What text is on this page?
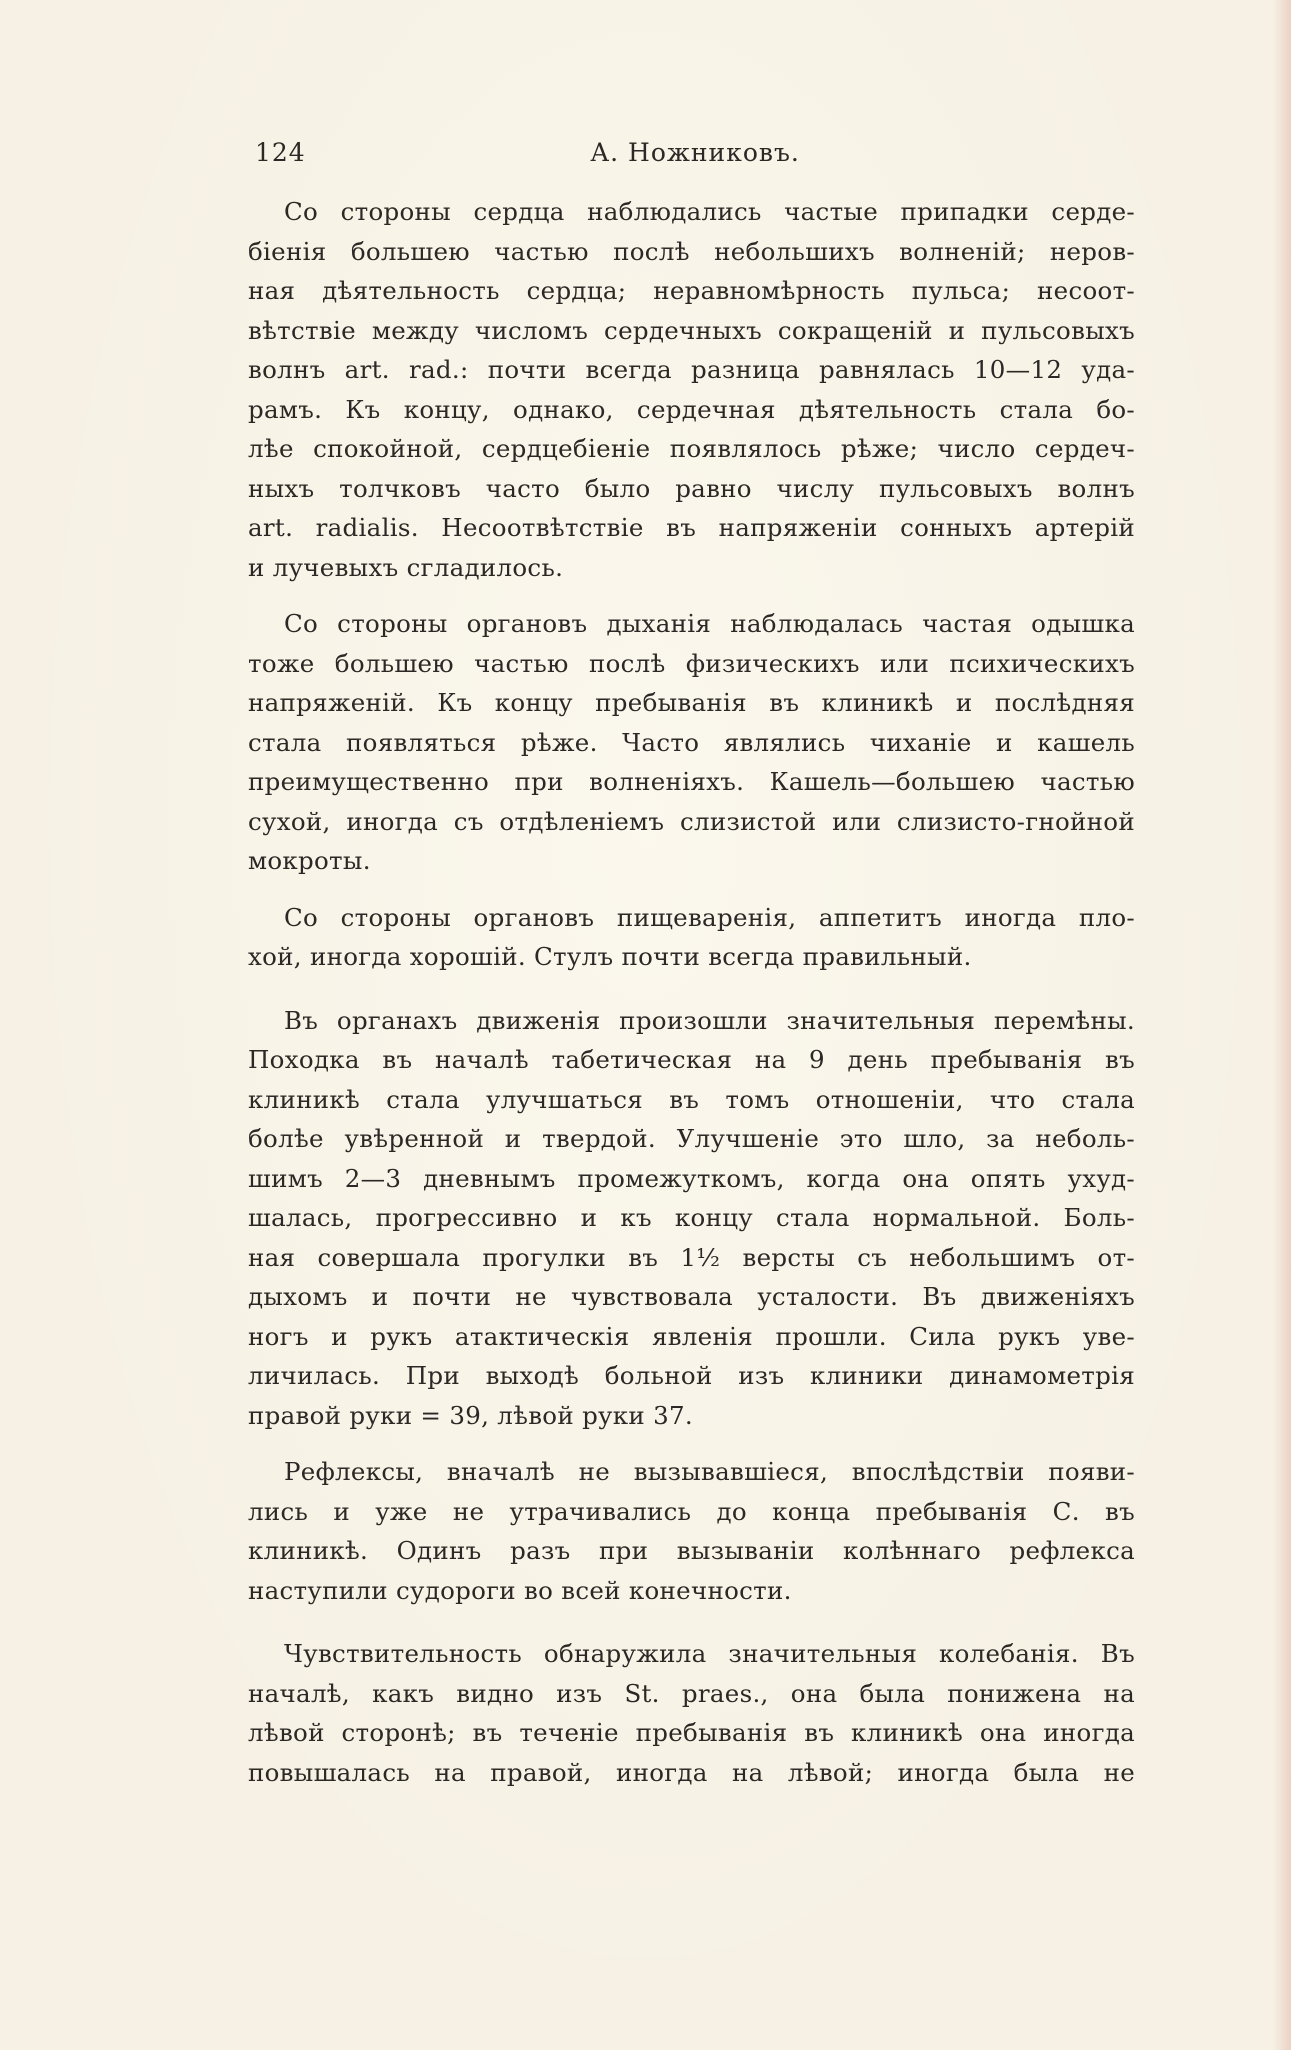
124	А. Ножниковъ.
Со стороны сердца наблюдались частые припадки серде-
біенія большею частью послѣ небольшихъ волненій; неров-
ная дѣятельность сердца; неравномѣрность пульса; несоот-
вѣтствіе между числомъ сердечныхъ сокращеній и пульсовыхъ
волнъ art. rad.: почти всегда разница равнялась 10—12 уда-
рамъ. Къ концу, однако, сердечная дѣятельность стала бо-
лѣе спокойной, сердцебіеніе появлялось рѣже; число сердеч-
ныхъ толчковъ часто было равно числу пульсовыхъ волнъ
art. radialis. Несоотвѣтствіе въ напряженіи сонныхъ артерій
и лучевыхъ сгладилось.
Со стороны органовъ дыханія наблюдалась частая одышка
тоже большею частью послѣ физическихъ или психическихъ
напряженій. Къ концу пребыванія въ клиникѣ и послѣдняя
стала появляться рѣже. Часто являлись чиханіе и кашель
преимущественно при волненіяхъ. Кашель—большею частью
сухой, иногда съ отдѣленіемъ слизистой или слизисто-гнойной
мокроты.
Со стороны органовъ пищеваренія, аппетитъ иногда пло-
хой, иногда хорошій. Стулъ почти всегда правильный.
Въ органахъ движенія произошли значительныя перемѣны.
Походка въ началѣ табетическая на 9 день пребыванія въ
клиникѣ стала улучшаться въ томъ отношеніи, что стала
болѣе увѣренной и твердой. Улучшеніе это шло, за неболь-
шимъ 2—3 дневнымъ промежуткомъ, когда она опять ухуд-
шалась, прогрессивно и къ концу стала нормальной. Боль-
ная совершала прогулки въ 1½ версты съ небольшимъ от-
дыхомъ и почти не чувствовала усталости. Въ движеніяхъ
ногъ и рукъ атактическія явленія прошли. Сила рукъ уве-
личилась. При выходѣ больной изъ клиники динамометрія
правой руки = 39, лѣвой руки 37.
Рефлексы, вначалѣ не вызывавшіеся, впослѣдствіи появи-
лись и уже не утрачивались до конца пребыванія С. въ
клиникѣ. Одинъ разъ при вызываніи колѣннаго рефлекса
наступили судороги во всей конечности.
Чувствительность обнаружила значительныя колебанія. Въ
началѣ, какъ видно изъ St. praes., она была понижена на
лѣвой сторонѣ; въ теченіе пребыванія въ клиникѣ она иногда
повышалась на правой, иногда на лѣвой; иногда была не
